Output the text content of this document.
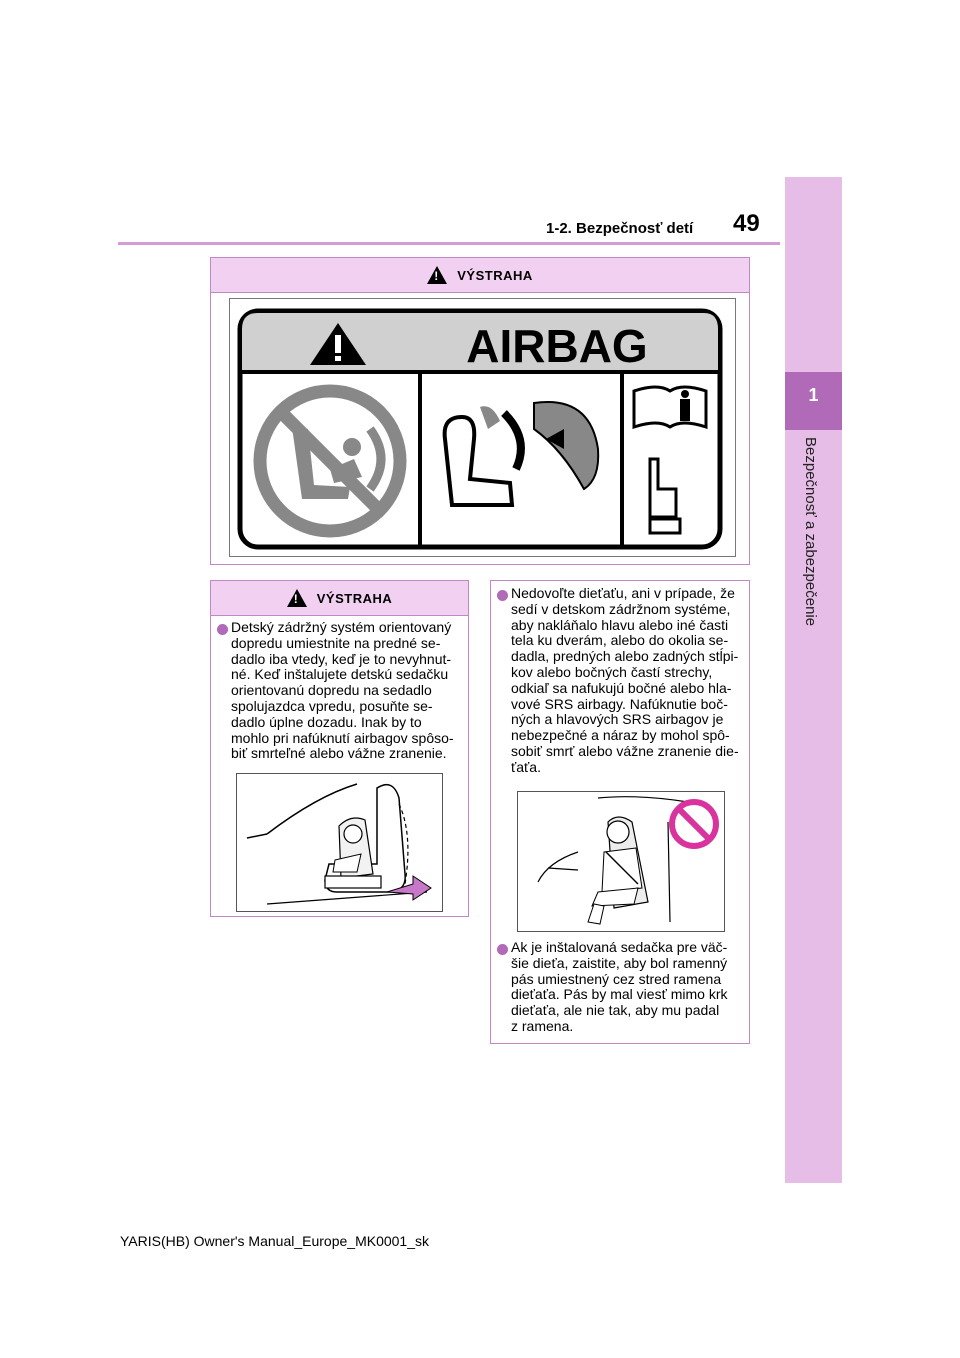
49
1-2. Bezpečnosť detí
1
Bezpečnosť a zabezpečenie
!
VÝSTRAHA
AIRBAG
!
VÝSTRAHA
Detský zádržný systém orientovaný
dopredu umiestnite na predné se-
dadlo iba vtedy, keď je to nevyhnut-
né. Keď inštalujete detskú sedačku
orientovanú dopredu na sedadlo
spolujazdca vpredu, posuňte se-
dadlo úplne dozadu. Inak by to
mohlo pri nafúknutí airbagov spôso-
biť smrteľné alebo vážne zranenie.
Nedovoľte dieťaťu, ani v prípade, že
sedí v detskom zádržnom systéme,
aby nakláňalo hlavu alebo iné časti
tela ku dverám, alebo do okolia se-
dadla, predných alebo zadných stĺpi-
kov alebo bočných častí strechy,
odkiaľ sa nafukujú bočné alebo hla-
vové SRS airbagy. Nafúknutie boč-
ných a hlavových SRS airbagov je
nebezpečné a náraz by mohol spô-
sobiť smrť alebo vážne zranenie die-
ťaťa.
Ak je inštalovaná sedačka pre väč-
šie dieťa, zaistite, aby bol ramenný
pás umiestnený cez stred ramena
dieťaťa. Pás by mal viesť mimo krk
dieťaťa, ale nie tak, aby mu padal
z ramena.
YARIS(HB) Owner's Manual_Europe_MK0001_sk
